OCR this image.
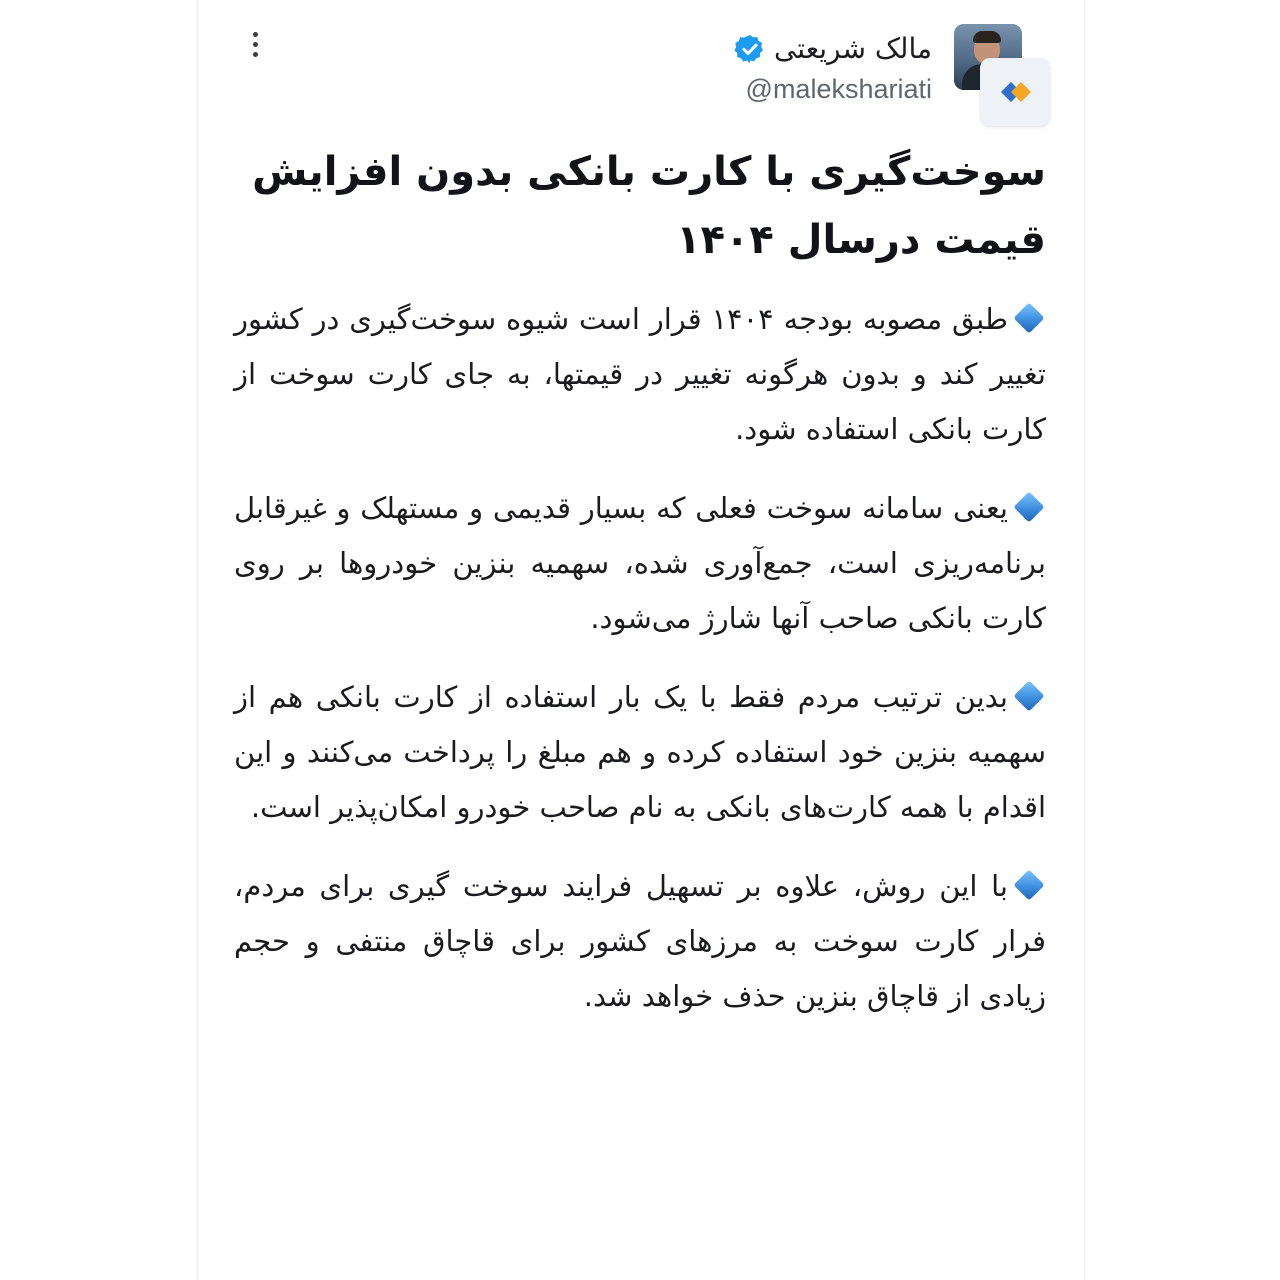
مالک شریعتی
@malekshariati
سوخت‌گیری با کارت بانکی بدون افزایش قیمت درسال ۱۴۰۴

طبق مصوبه بودجه ۱۴۰۴ قرار است شیوه سوخت‌گیری در کشور تغییر کند و بدون هرگونه تغییر در قیمتها، به جای کارت سوخت از کارت بانکی استفاده شود.

یعنی سامانه سوخت فعلی که بسیار قدیمی و مستهلک و غیرقابل برنامه‌ریزی است، جمع‌آوری شده، سهمیه بنزین خودروها بر روی کارت بانکی صاحب آنها شارژ می‌شود.

بدین ترتیب مردم فقط با یک بار استفاده از کارت بانکی هم از سهمیه بنزین خود استفاده کرده و هم مبلغ را پرداخت می‌کنند و این اقدام با همه کارت‌های بانکی به نام صاحب خودرو امکان‌پذیر است.

با این روش، علاوه بر تسهیل فرایند سوخت گیری برای مردم، فرار کارت سوخت به مرزهای کشور برای قاچاق منتفی و حجم زیادی از قاچاق بنزین حذف خواهد شد.
